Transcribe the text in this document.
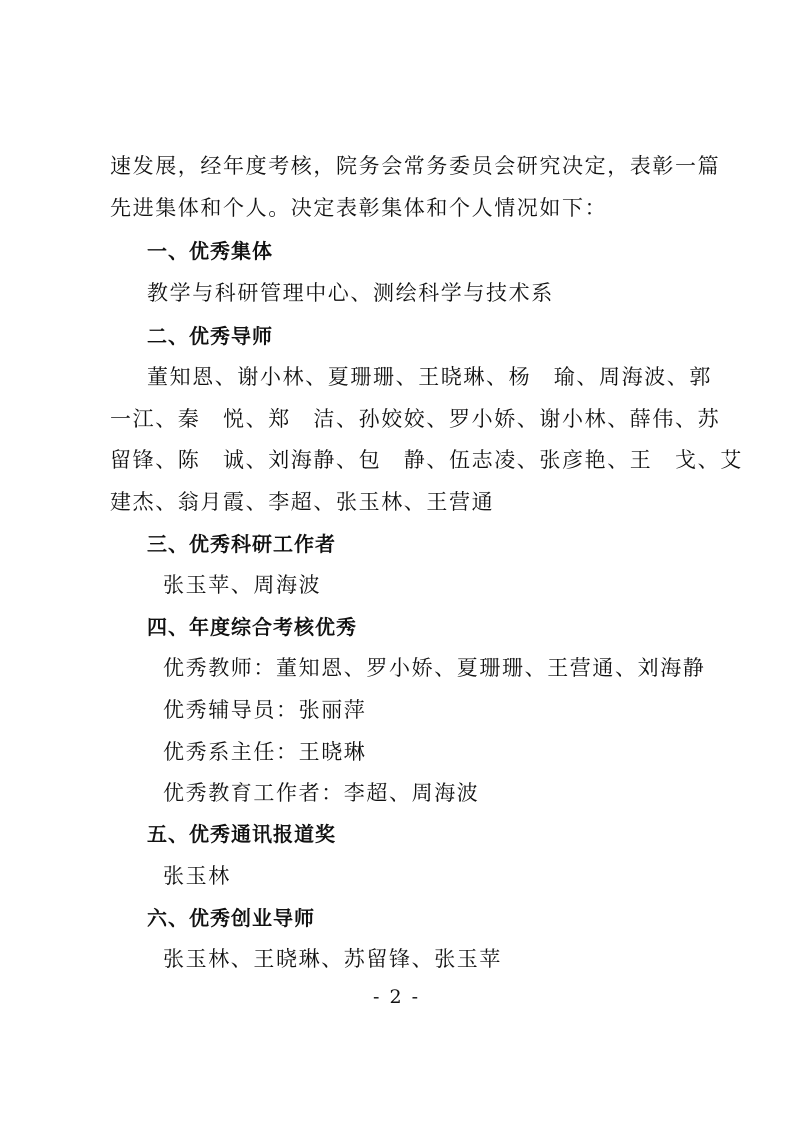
速发展，经年度考核，院务会常务委员会研究决定，表彰一篇
先进集体和个人。决定表彰集体和个人情况如下：
一、优秀集体
教学与科研管理中心、测绘科学与技术系
二、优秀导师
董知恩、谢小林、夏珊珊、王晓琳、杨　瑜、周海波、郭
一江、秦　悦、郑　洁、孙姣姣、罗小娇、谢小林、薛伟、苏
留锋、陈　诚、刘海静、包　静、伍志凌、张彦艳、王　戈、艾
建杰、翁月霞、李超、张玉林、王营通
三、优秀科研工作者
张玉苹、周海波
四、年度综合考核优秀
优秀教师：董知恩、罗小娇、夏珊珊、王营通、刘海静
优秀辅导员：张丽萍
优秀系主任：王晓琳
优秀教育工作者：李超、周海波
五、优秀通讯报道奖
张玉林
六、优秀创业导师
张玉林、王晓琳、苏留锋、张玉苹
- 2 -
